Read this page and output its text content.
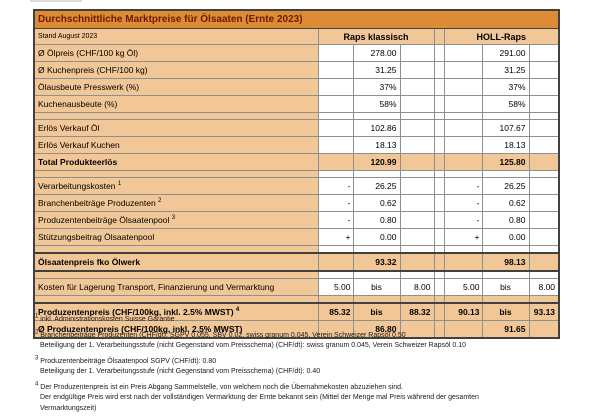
Durchschnittliche Marktpreise für Ölsaaten (Ernte 2023)							
Stand August 2023	Raps klassisch				HOLL-Raps		
Ø Ölpreis (CHF/100 kg Öl)		278.00				291.00	
Ø Kuchenpreis (CHF/100 kg)		31.25				31.25	
Ölausbeute Presswerk (%)		37%				37%	
Kuchenausbeute (%)		58%				58%	

Erlös Verkauf Öl		102.86				107.67	
Erlös Verkauf Kuchen		18.13				18.13	
Total Produkteerlös		120.99				125.80	

Verarbeitungskosten $^1$	-	26.25			-	26.25	
Branchenbeiträge Produzenten $^2$	-	0.62			-	0.62	
Produzentenbeiträge Ölsaatenpool $^3$	-	0.80			-	0.80	
Stützungsbeitrag Ölsaatenpool	+	0.00			+	0.00	

Ölsaatenpreis fko Ölwerk		93.32				98.13	

Kosten für Lagerung Transport, Finanzierung und Vermarktung	5.00	bis	8.00		5.00	bis	8.00

Produzentenpreis (CHF/100kg, inkl. 2.5% MWST) $^4$	85.32	bis	88.32		90.13	bis	93.13
Ø Produzentenpreis (CHF/100kg, inkl. 2.5% MWST)		86.80				91.65	
$^1$ inkl. Administrationskosten Suisse Garantie
$^2$ Branchenbeiträge Produzenten (CHF/dt): SGPV 0.055, SBV 0.02, swiss granum 0.045, Verein Schweizer Rapsöl 0.50
Beteiligung der 1. Verarbeitungsstufe (nicht Gegenstand vom Preisschema) (CHF/dt): swiss granum 0.045, Verein Schweizer Rapsöl 0.10
$^3$ Produzentenbeiträge Ölsaatenpool SGPV (CHF/dt): 0.80
Beteiligung der 1. Verarbeitungsstufe (nicht Gegenstand vom Preisschema) (CHF/dt): 0.40
$^4$ Der Produzentenpreis ist ein Preis Abgang Sammelstelle, von welchem noch die Übernahmekosten abzuziehen sind.
Der endgültige Preis wird erst nach der vollständigen Vermarktung der Ernte bekannt sein (Mittel der Menge mal Preis während der gesamten
Vermarktungszeit)
